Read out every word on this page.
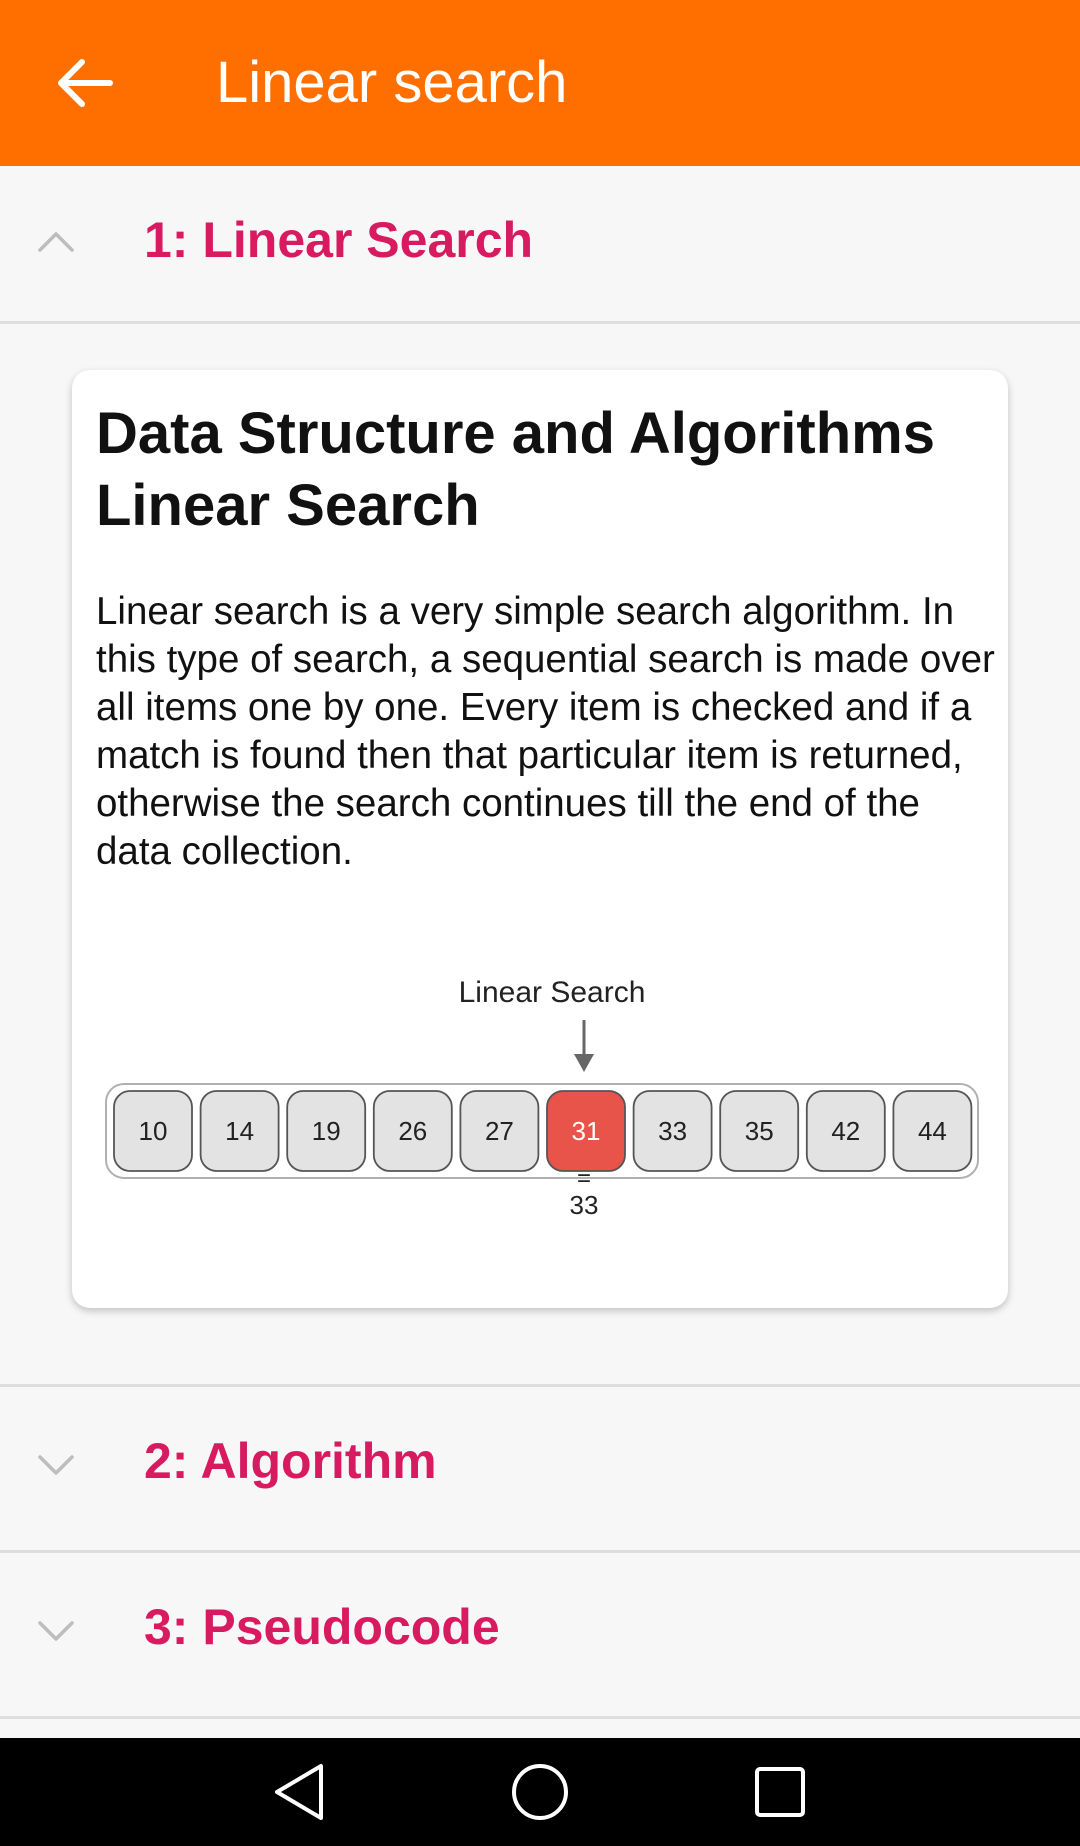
Linear search
1: Linear Search
Data Structure and Algorithms Linear Search
Linear search is a very simple search algorithm. In this type of search, a sequential search is made over all items one by one. Every item is checked and if a match is found then that particular item is returned, otherwise the search continues till the end of the data collection.
Linear Search
10 14 19 26 27 31 33 35 42 44
=
33
2: Algorithm
3: Pseudocode
